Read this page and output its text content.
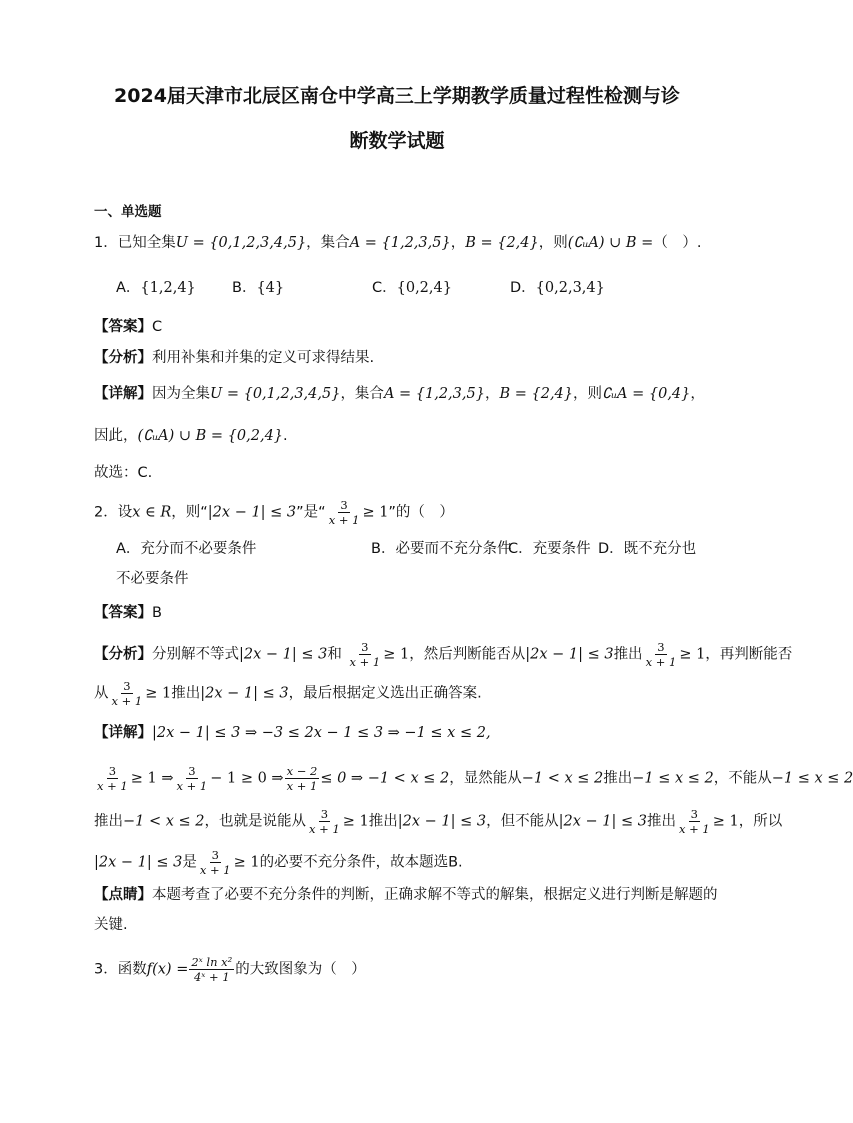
2024届天津市北辰区南仓中学高三上学期教学质量过程性检测与诊
断数学试题
一、单选题
1．已知全集U = {0,1,2,3,4,5}，集合A = {1,2,3,5}，B = {2,4}，则(∁ᵤA) ∪ B =（　）.
A．{1,2,4} B．{4}	C．{0,2,4}	D．{0,2,3,4}
【答案】C
【分析】利用补集和并集的定义可求得结果.
【详解】因为全集U = {0,1,2,3,4,5}，集合A = {1,2,3,5}，B = {2,4}，则∁ᵤA = {0,4}，
因此，(∁ᵤA) ∪ B = {0,2,4}.
故选：C.
2．设x ∈ R，则“|2x − 1| ≤ 3”是“ $\frac{3}{x + 1} \ge 1$”的（　）
A．充分而不必要条件	B．必要而不充分条件
C．充要条件 D．既不充分也
不必要条件
【答案】B
【分析】分别解不等式|2x − 1| ≤ 3和 $\frac{3}{x + 1} \ge 1$，然后判断能否从|2x − 1| ≤ 3推出 $\frac{3}{x + 1} \ge 1$，再判断能否
从 $\frac{3}{x + 1} \ge 1$推出|2x − 1| ≤ 3，最后根据定义选出正确答案.
【详解】|2x − 1| ≤ 3 ⇒ −3 ≤ 2x − 1 ≤ 3 ⇒ −1 ≤ x ≤ 2,
$\frac{3}{x + 1} \ge 1$ ⇒ $\frac{3}{x + 1} - 1 \ge 0$ ⇒ $\frac{x - 2}{x + 1} \le 0$ ⇒ −1 < x ≤ 2，显然能从−1 < x ≤ 2推出−1 ≤ x ≤ 2，不能从−1 ≤ x ≤ 2
推出−1 < x ≤ 2，也就是说能从 $\frac{3}{x + 1} \ge 1$推出|2x − 1| ≤ 3，但不能从|2x − 1| ≤ 3推出 $\frac{3}{x + 1} \ge 1$，所以
|2x − 1| ≤ 3是 $\frac{3}{x + 1} \ge 1$的必要不充分条件，故本题选B.
【点睛】本题考查了必要不充分条件的判断，正确求解不等式的解集，根据定义进行判断是解题的
关键.
3．函数$f(x) = \frac{\text{2ˣ ln x²}}{\text{4ˣ + 1}}$ 的大致图象为（　）
